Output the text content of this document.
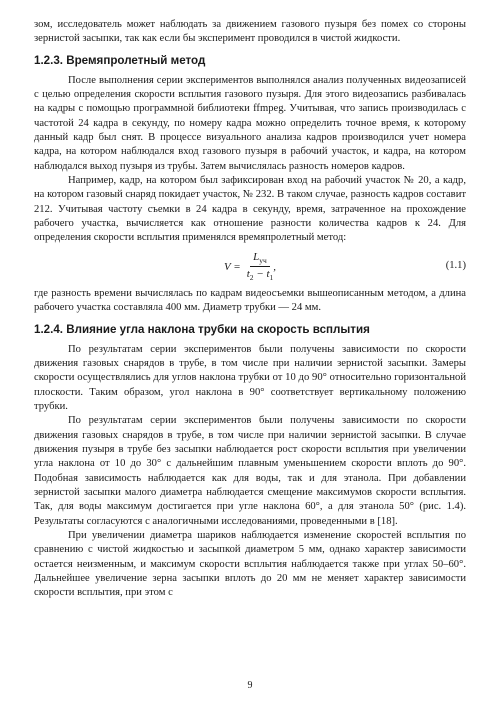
зом, исследователь может наблюдать за движением газового пузыря без помех со стороны зернистой засыпки, так как если бы эксперимент проводился в чистой жидкости.

1.2.3. Времяпролетный метод

После выполнения серии экспериментов выполнялся анализ полученных видеозаписей с целью определения скорости всплытия газового пузыря. Для этого видеозапись разбивалась на кадры с помощью программной библиотеки ffmpeg. Учитывая, что запись производилась с частотой 24 кадра в секунду, по номеру кадра можно определить точное время, к которому данный кадр был снят. В процессе визуального анализа кадров производился учет номера кадра, на котором наблюдался вход газового пузыря в рабочий участок, и кадра, на котором наблюдался выход пузыря из трубы. Затем вычислялась разность номеров кадров.

Например, кадр, на котором был зафиксирован вход на рабочий участок № 20, а кадр, на котором газовый снаряд покидает участок, № 232. В таком случае, разность кадров составит 212. Учитывая частоту съемки в 24 кадра в секунду, время, затраченное на прохождение рабочего участка, вычисляется как отношение разности количества кадров к 24. Для определения скорости всплытия применялся времяпролетный метод:

$V = \frac{L_{уч}}{t_2 - t_1}$ ,	(1.1)

где разность времени вычислялась по кадрам видеосъемки вышеописанным методом, а длина рабочего участка составляла 400 мм. Диаметр трубки — 24 мм.

1.2.4. Влияние угла наклона трубки на скорость всплытия

По результатам серии экспериментов были получены зависимости по скорости движения газовых снарядов в трубе, в том числе при наличии зернистой засыпки. Замеры скорости осуществлялись для углов наклона трубки от 10 до 90° относительно горизонтальной плоскости. Таким образом, угол наклона в 90° соответствует вертикальному положению трубки.

По результатам серии экспериментов были получены зависимости по скорости движения газовых снарядов в трубе, в том числе при наличии зернистой засыпки. В случае движения пузыря в трубе без засыпки наблюдается рост скорости всплытия при увеличении угла наклона от 10 до 30° с дальнейшим плавным уменьшением скорости вплоть до 90°. Подобная зависимость наблюдается как для воды, так и для этанола. При добавлении зернистой засыпки малого диаметра наблюдается смещение максимумов скорости всплытия. Так, для воды максимум достигается при угле наклона 60°, а для этанола 50° (рис. 1.4). Результаты согласуются с аналогичными исследованиями, проведенными в [18].

При увеличении диаметра шариков наблюдается изменение скоростей всплытия по сравнению с чистой жидкостью и засыпкой диаметром 5 мм, однако характер зависимости остается неизменным, и максимум скорости всплытия наблюдается также при углах 50–60°. Дальнейшее увеличение зерна засыпки вплоть до 20 мм не меняет характер зависимости скорости всплытия, при этом с

9
